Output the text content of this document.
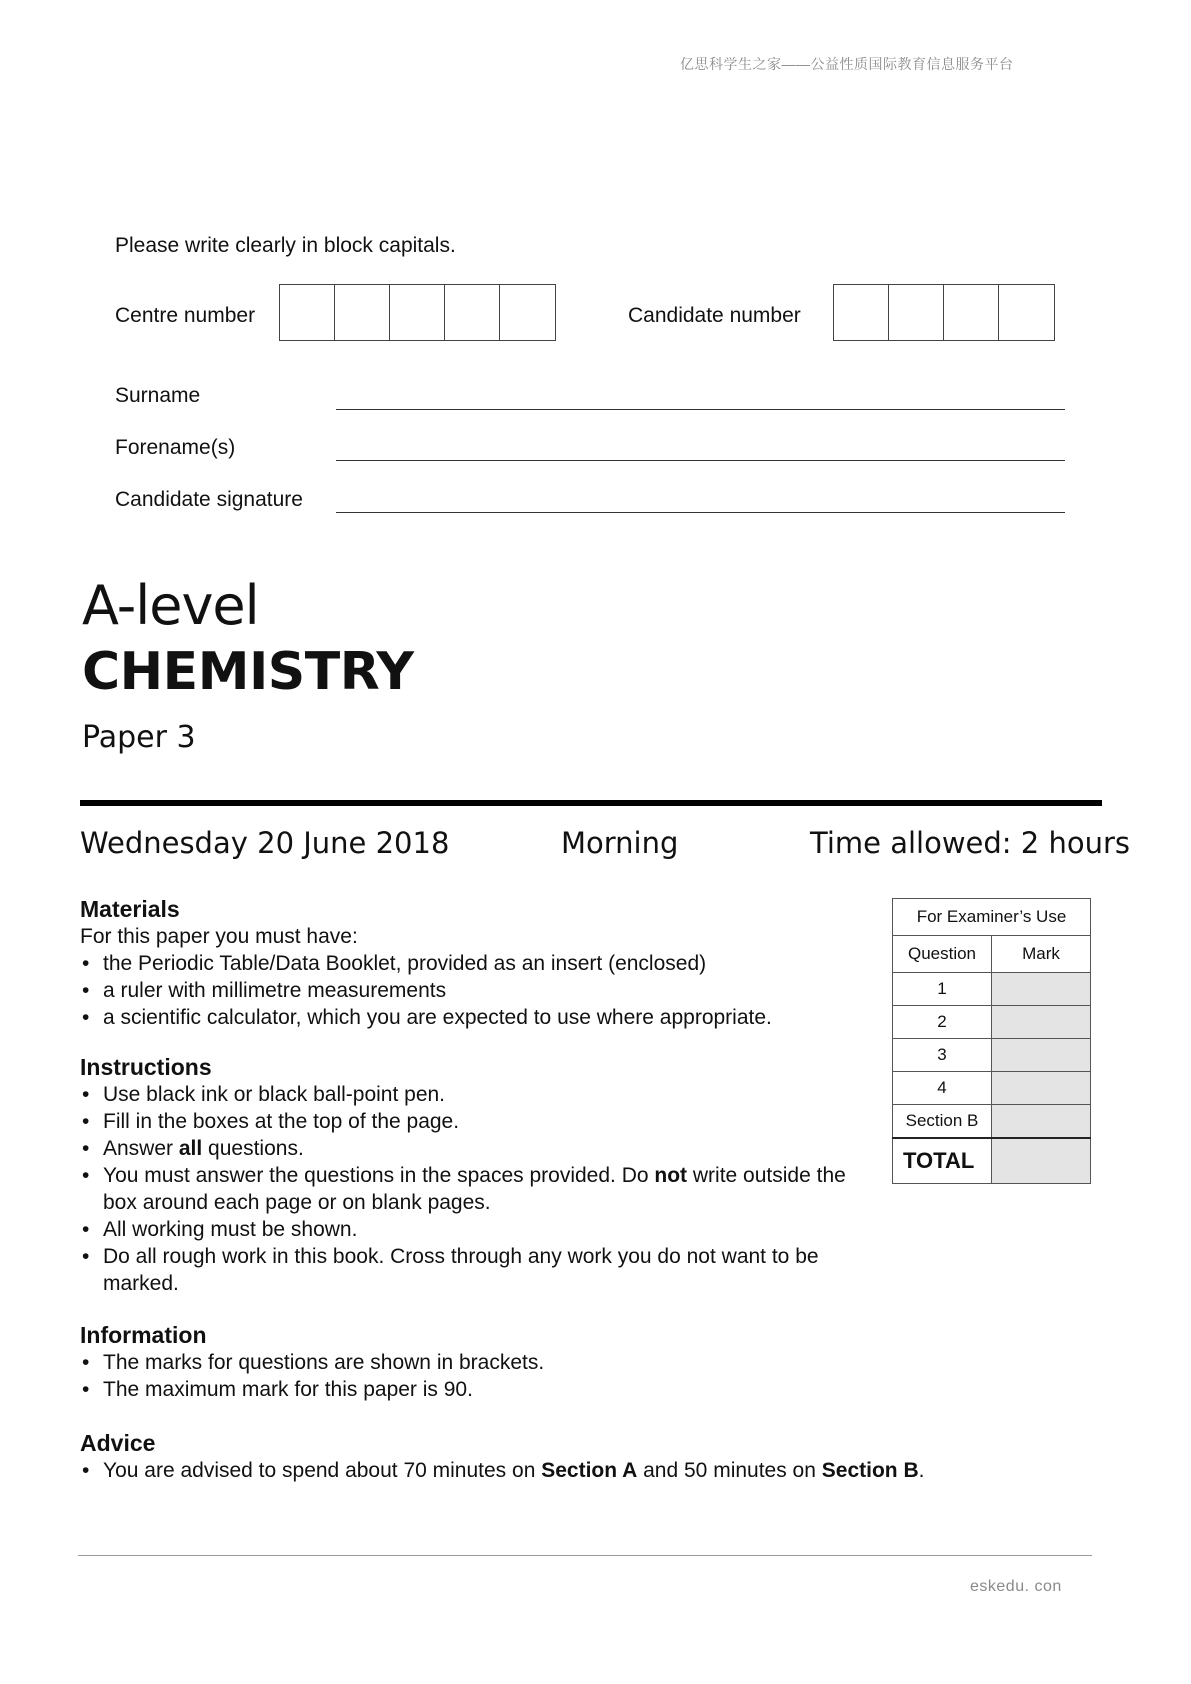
亿思科学生之家——公益性质国际教育信息服务平台
Please write clearly in block capitals.
Centre number	Candidate number
Surname
Forename(s)
Candidate signature
A-level
CHEMISTRY
Paper 3
Wednesday 20 June 2018	Morning	Time allowed: 2 hours
Materials
For this paper you must have:
• the Periodic Table/Data Booklet, provided as an insert (enclosed)
• a ruler with millimetre measurements
• a scientific calculator, which you are expected to use where appropriate.
Instructions
• Use black ink or black ball-point pen.
• Fill in the boxes at the top of the page.
• Answer all questions.
• You must answer the questions in the spaces provided. Do not write outside the box around each page or on blank pages.
• All working must be shown.
• Do all rough work in this book. Cross through any work you do not want to be marked.
Information
• The marks for questions are shown in brackets.
• The maximum mark for this paper is 90.
Advice
• You are advised to spend about 70 minutes on Section A and 50 minutes on Section B.
For Examiner’s Use	
Question	Mark
1	
2	
3	
4	
Section B	
TOTAL	
eskedu. con
